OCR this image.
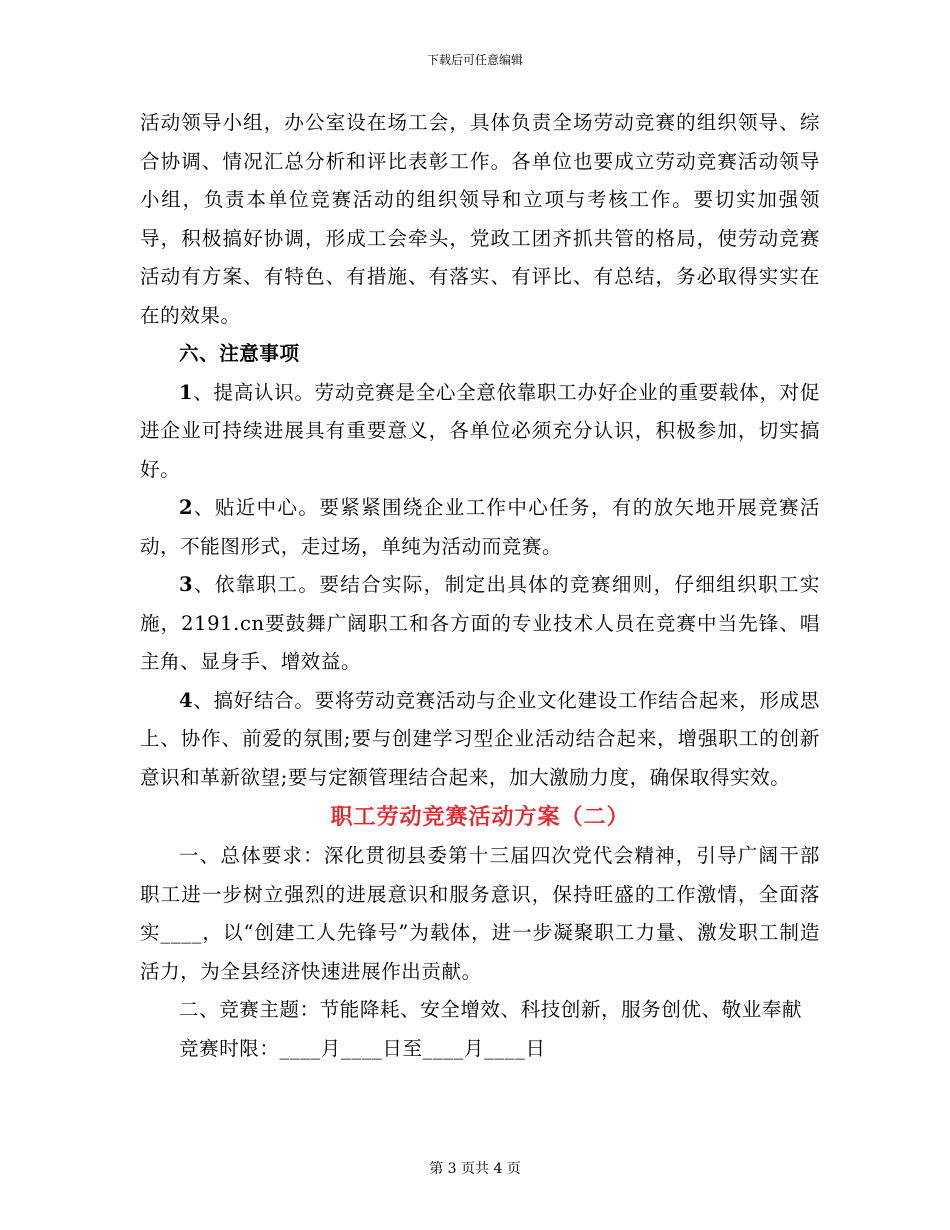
下载后可任意编辑

活动领导小组，办公室设在场工会，具体负责全场劳动竞赛的组织领导、综合协调、情况汇总分析和评比表彰工作。各单位也要成立劳动竞赛活动领导小组，负责本单位竞赛活动的组织领导和立项与考核工作。要切实加强领导，积极搞好协调，形成工会牵头，党政工团齐抓共管的格局，使劳动竞赛活动有方案、有特色、有措施、有落实、有评比、有总结，务必取得实实在在的效果。

六、注意事项

1、提高认识。劳动竞赛是全心全意依靠职工办好企业的重要载体，对促进企业可持续进展具有重要意义，各单位必须充分认识，积极参加，切实搞好。

2、贴近中心。要紧紧围绕企业工作中心任务，有的放矢地开展竞赛活动，不能图形式，走过场，单纯为活动而竞赛。

3、依靠职工。要结合实际，制定出具体的竞赛细则，仔细组织职工实施，2191.cn要鼓舞广阔职工和各方面的专业技术人员在竞赛中当先锋、唱主角、显身手、增效益。

4、搞好结合。要将劳动竞赛活动与企业文化建设工作结合起来，形成思上、协作、前爱的氛围;要与创建学习型企业活动结合起来，增强职工的创新意识和革新欲望;要与定额管理结合起来，加大激励力度，确保取得实效。

职工劳动竞赛活动方案（二）

一、总体要求：深化贯彻县委第十三届四次党代会精神，引导广阔干部职工进一步树立强烈的进展意识和服务意识，保持旺盛的工作激情，全面落实____，以“创建工人先锋号”为载体，进一步凝聚职工力量、激发职工制造活力，为全县经济快速进展作出贡献。

二、竞赛主题：节能降耗、安全增效、科技创新，服务创优、敬业奉献

竞赛时限：____月____日至____月____日

第 3 页共 4 页
